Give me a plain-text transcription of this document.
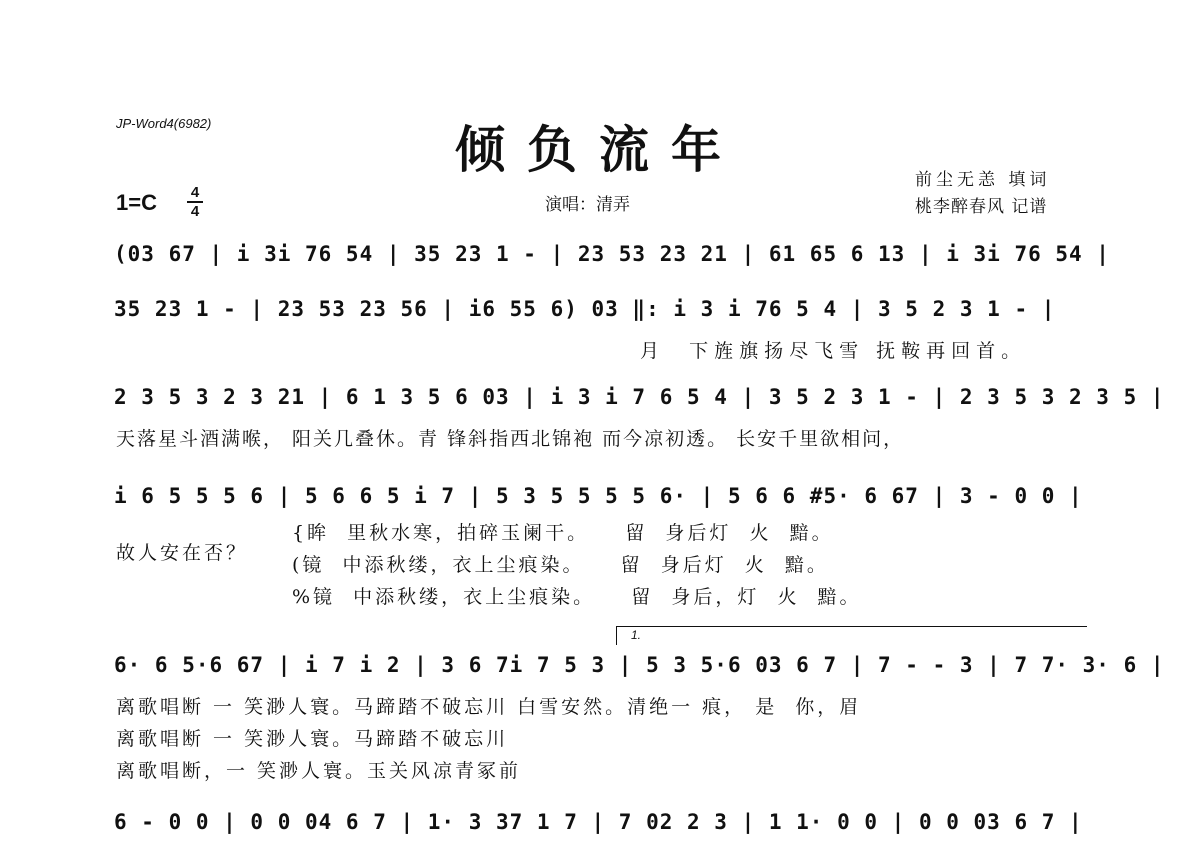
JP-Word4(6982)	倾负流年
前尘无恙 填词
桃李醉春风 记谱
演唱：清弄
1=C	4
4
(03 67 | i 3i 76 54 | 35 23 1 - | 23 53 23 21 | 61 65 6 13 | i 3i 76 54 |
35 23 1 - | 23 53 23 56 | i6 55 6) 03 ‖: i 3 i 76 5 4 | 3 5 2 3 1 - |
月  下旌旗扬尽飞雪 抚鞍再回首。
2 3 5 3 2 3 21 | 6 1 3 5 6 03 | i 3 i 7 6 5 4 | 3 5 2 3 1 - | 2 3 5 3 2 3 5 |
天落星斗酒满喉， 阳关几叠休。青 锋斜指西北锦袍 而今凉初透。 长安千里欲相问，
i 6 5 5 5 6 | 5 6 6 5 i 7 | 5 3 5 5 5 5 6· | 5 6 6 #5· 6 67 | 3 - 0 0 |
故人安在否？
{眸  里秋水寒，拍碎玉阑干。    留  身后灯  火  黯。
(镜  中添秋缕，衣上尘痕染。    留  身后灯  火  黯。
%镜  中添秋缕，衣上尘痕染。    留  身后，灯  火  黯。
1.
6· 6 5·6 67 | i 7 i 2 | 3 6 7i 7 5 3 | 5 3 5·6 03 6 7 | 7 - - 3 | 7 7· 3· 6 |
离歌唱断 一 笑渺人寰。马蹄踏不破忘川 白雪安然。清绝一 痕， 是  你，眉
离歌唱断 一 笑渺人寰。马蹄踏不破忘川
离歌唱断，一 笑渺人寰。玉关风凉青冢前
6 - 0 0 | 0 0 04 6 7 | 1· 3 37 1 7 | 7 02 2 3 | 1 1· 0 0 | 0 0 03 6 7 |
